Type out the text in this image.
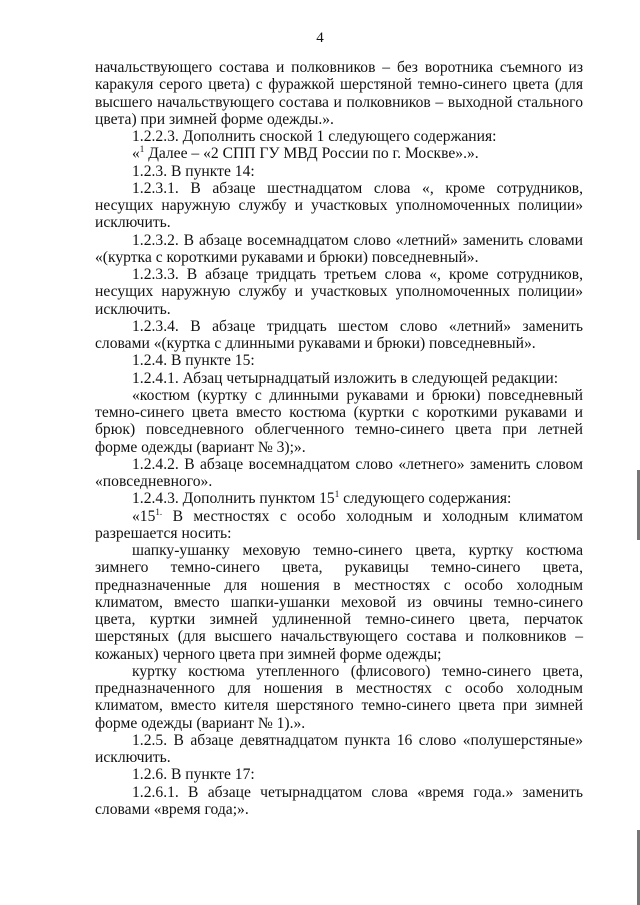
4

начальствующего состава и полковников – без воротника съемного из каракуля серого цвета) с фуражкой шерстяной темно-синего цвета (для высшего начальствующего состава и полковников – выходной стального цвета) при зимней форме одежды.».

1.2.2.3. Дополнить сноской 1 следующего содержания:

«$^1$ Далее – «2 СПП ГУ МВД России по г. Москве».».

1.2.3. В пункте 14:

1.2.3.1. В абзаце шестнадцатом слова «, кроме сотрудников, несущих наружную службу и участковых уполномоченных полиции» исключить.

1.2.3.2. В абзаце восемнадцатом слово «летний» заменить словами «(куртка с короткими рукавами и брюки) повседневный».

1.2.3.3. В абзаце тридцать третьем слова «, кроме сотрудников, несущих наружную службу и участковых уполномоченных полиции» исключить.

1.2.3.4. В абзаце тридцать шестом слово «летний» заменить словами «(куртка с длинными рукавами и брюки) повседневный».

1.2.4. В пункте 15:

1.2.4.1. Абзац четырнадцатый изложить в следующей редакции:

«костюм (куртку с длинными рукавами и брюки) повседневный темно-синего цвета вместо костюма (куртки с короткими рукавами и брюк) повседневного облегченного темно-синего цвета при летней форме одежды (вариант № 3);».

1.2.4.2. В абзаце восемнадцатом слово «летнего» заменить словом «повседневного».

1.2.4.3. Дополнить пунктом $15^1$ следующего содержания:

«$15^{1.}$ В местностях с особо холодным и холодным климатом разрешается носить:

шапку-ушанку меховую темно-синего цвета, куртку костюма зимнего темно-синего цвета, рукавицы темно-синего цвета, предназначенные для ношения в местностях с особо холодным климатом, вместо шапки-ушанки меховой из овчины темно-синего цвета, куртки зимней удлиненной темно-синего цвета, перчаток шерстяных (для высшего начальствующего состава и полковников – кожаных) черного цвета при зимней форме одежды;

куртку костюма утепленного (флисового) темно-синего цвета, предназначенного для ношения в местностях с особо холодным климатом, вместо кителя шерстяного темно-синего цвета при зимней форме одежды (вариант № 1).».

1.2.5. В абзаце девятнадцатом пункта 16 слово «полушерстяные» исключить.

1.2.6. В пункте 17:

1.2.6.1. В абзаце четырнадцатом слова «время года.» заменить словами «время года;».
